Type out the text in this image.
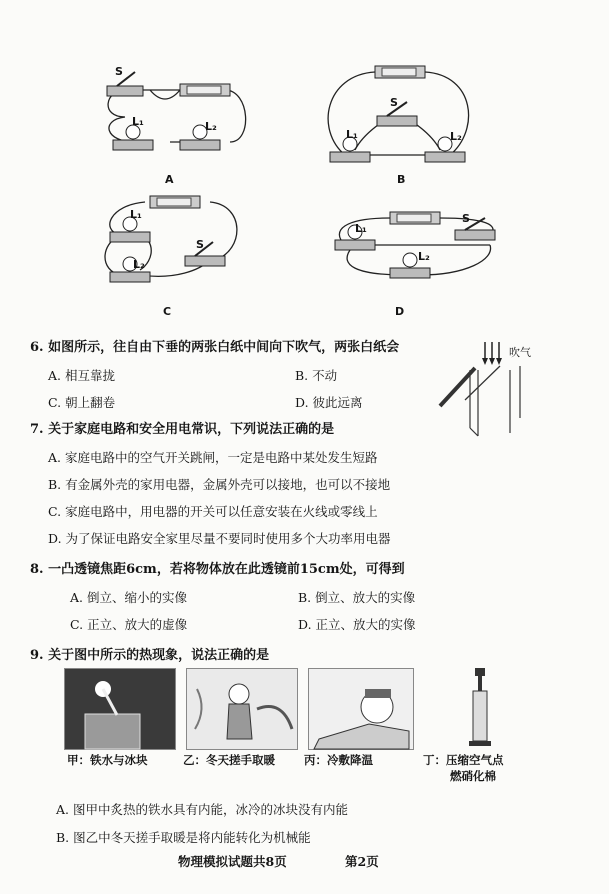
S
L₁	L₂
A
S
L₁	L₂
B
L₁
L₂
S
C
L₁
L₂
S
D
6. 如图所示，往自由下垂的两张白纸中间向下吹气，两张白纸会
A. 相互靠拢	B. 不动
C. 朝上翻卷	D. 彼此远离
吹气
7. 关于家庭电路和安全用电常识，下列说法正确的是
A. 家庭电路中的空气开关跳闸，一定是电路中某处发生短路
B. 有金属外壳的家用电器，金属外壳可以接地，也可以不接地
C. 家庭电路中，用电器的开关可以任意安装在火线或零线上
D. 为了保证电路安全家里尽量不要同时使用多个大功率用电器
8. 一凸透镜焦距6cm，若将物体放在此透镜前15cm处，可得到
A. 倒立、缩小的实像	B. 倒立、放大的实像
C. 正立、放大的虚像	D. 正立、放大的实像
9. 关于图中所示的热现象，说法正确的是
甲：铁水与冰块	乙：冬天搓手取暖	丙：冷敷降温	丁：压缩空气点
燃硝化棉
A. 图甲中炙热的铁水具有内能，冰冷的冰块没有内能
B. 图乙中冬天搓手取暖是将内能转化为机械能
物理模拟试题共8页	第2页
